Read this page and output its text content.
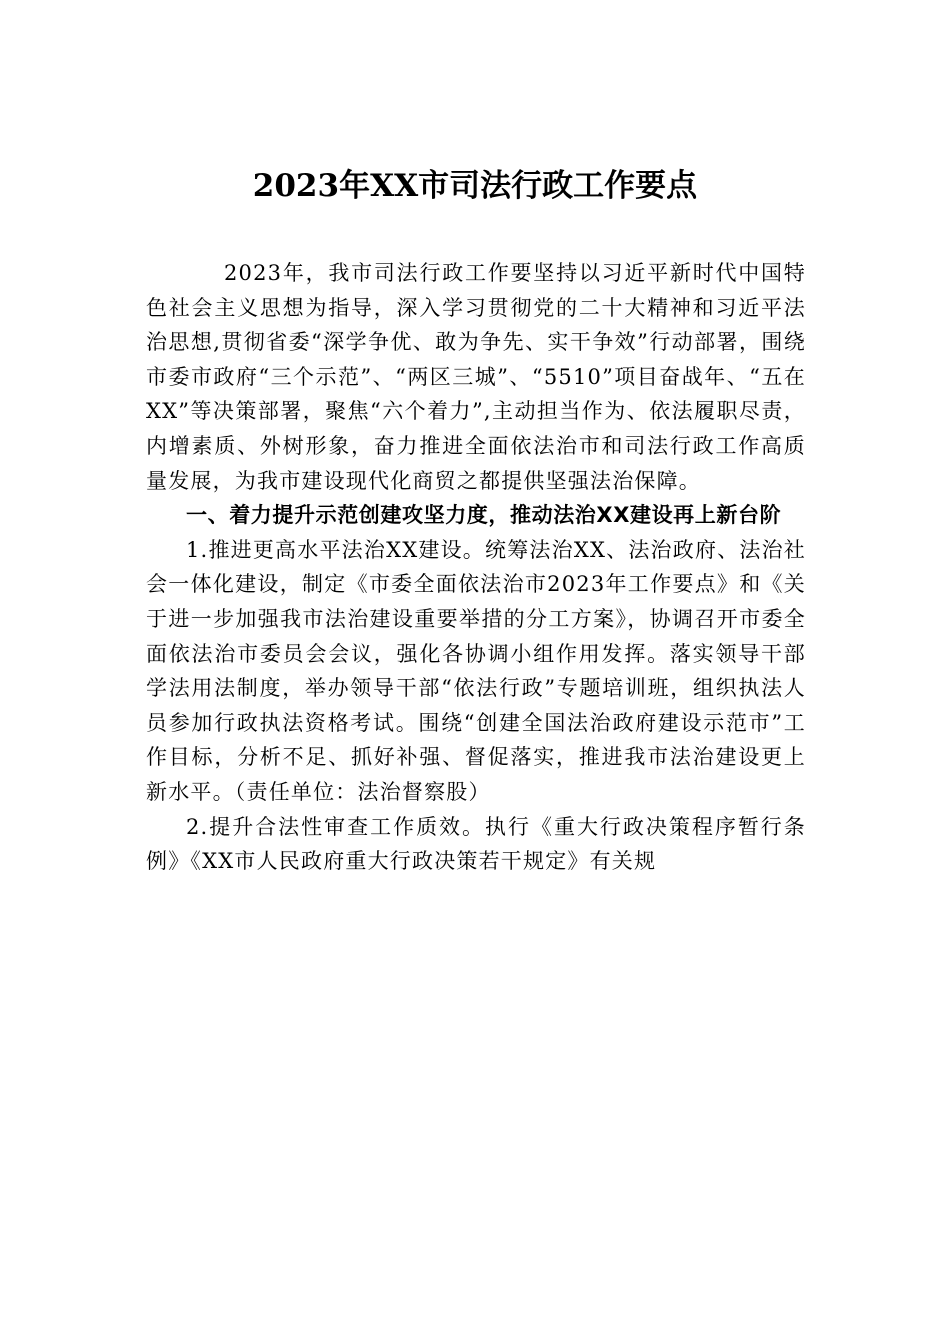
2023年XX市司法行政工作要点

2023年，我市司法行政工作要坚持以习近平新时代中国特色社会主义思想为指导，深入学习贯彻党的二十大精神和习近平法治思想,贯彻省委“深学争优、敢为争先、实干争效”行动部署，围绕市委市政府“三个示范”、“两区三城”、“5510”项目奋战年、“五在XX”等决策部署，聚焦“六个着力”,主动担当作为、依法履职尽责，内增素质、外树形象，奋力推进全面依法治市和司法行政工作高质量发展，为我市建设现代化商贸之都提供坚强法治保障。

一、着力提升示范创建攻坚力度，推动法治XX建设再上新台阶

1.推进更高水平法治XX建设。统筹法治XX、法治政府、法治社会一体化建设，制定《市委全面依法治市2023年工作要点》和《关于进一步加强我市法治建设重要举措的分工方案》，协调召开市委全面依法治市委员会会议，强化各协调小组作用发挥。落实领导干部学法用法制度，举办领导干部“依法行政”专题培训班，组织执法人员参加行政执法资格考试。围绕“创建全国法治政府建设示范市”工作目标，分析不足、抓好补强、督促落实，推进我市法治建设更上新水平。（责任单位：法治督察股）

2.提升合法性审查工作质效。执行《重大行政决策程序暂行条例》《XX市人民政府重大行政决策若干规定》有关规
